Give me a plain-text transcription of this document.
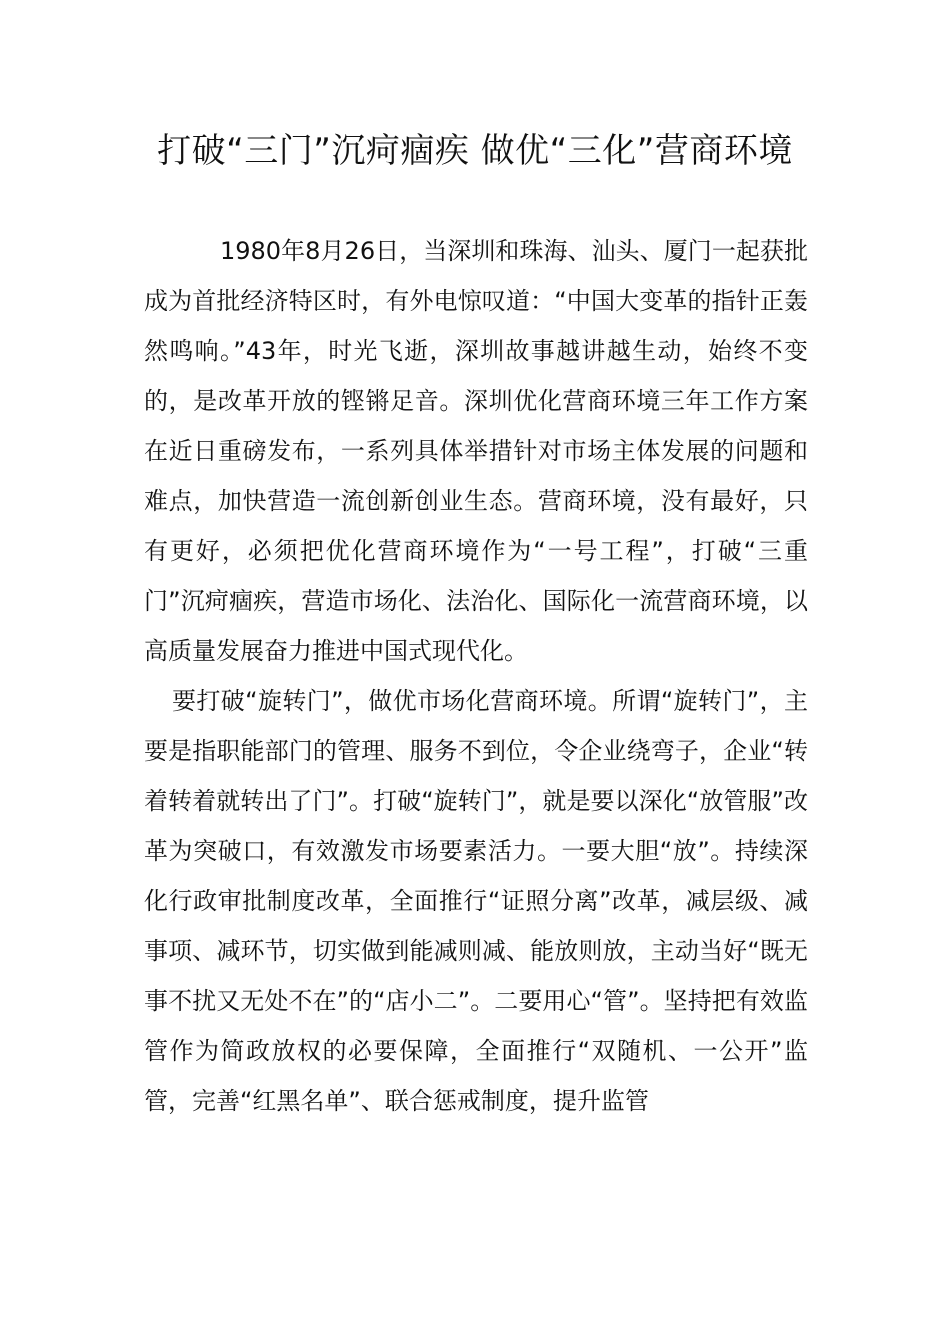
打破“三门”沉疴痼疾 做优“三化”营商环境

1980年8月26日，当深圳和珠海、汕头、厦门一起获批成为首批经济特区时，有外电惊叹道：“中国大变革的指针正轰然鸣响。”43年，时光飞逝，深圳故事越讲越生动，始终不变的，是改革开放的铿锵足音。深圳优化营商环境三年工作方案在近日重磅发布，一系列具体举措针对市场主体发展的问题和难点，加快营造一流创新创业生态。营商环境，没有最好，只有更好，必须把优化营商环境作为“一号工程”，打破“三重门”沉疴痼疾，营造市场化、法治化、国际化一流营商环境，以高质量发展奋力推进中国式现代化。

要打破“旋转门”，做优市场化营商环境。所谓“旋转门”，主要是指职能部门的管理、服务不到位，令企业绕弯子，企业“转着转着就转出了门”。打破“旋转门”，就是要以深化“放管服”改革为突破口，有效激发市场要素活力。一要大胆“放”。持续深化行政审批制度改革，全面推行“证照分离”改革，减层级、减事项、减环节，切实做到能减则减、能放则放，主动当好“既无事不扰又无处不在”的“店小二”。二要用心“管”。坚持把有效监管作为简政放权的必要保障，全面推行“双随机、一公开”监管，完善“红黑名单”、联合惩戒制度，提升监管
